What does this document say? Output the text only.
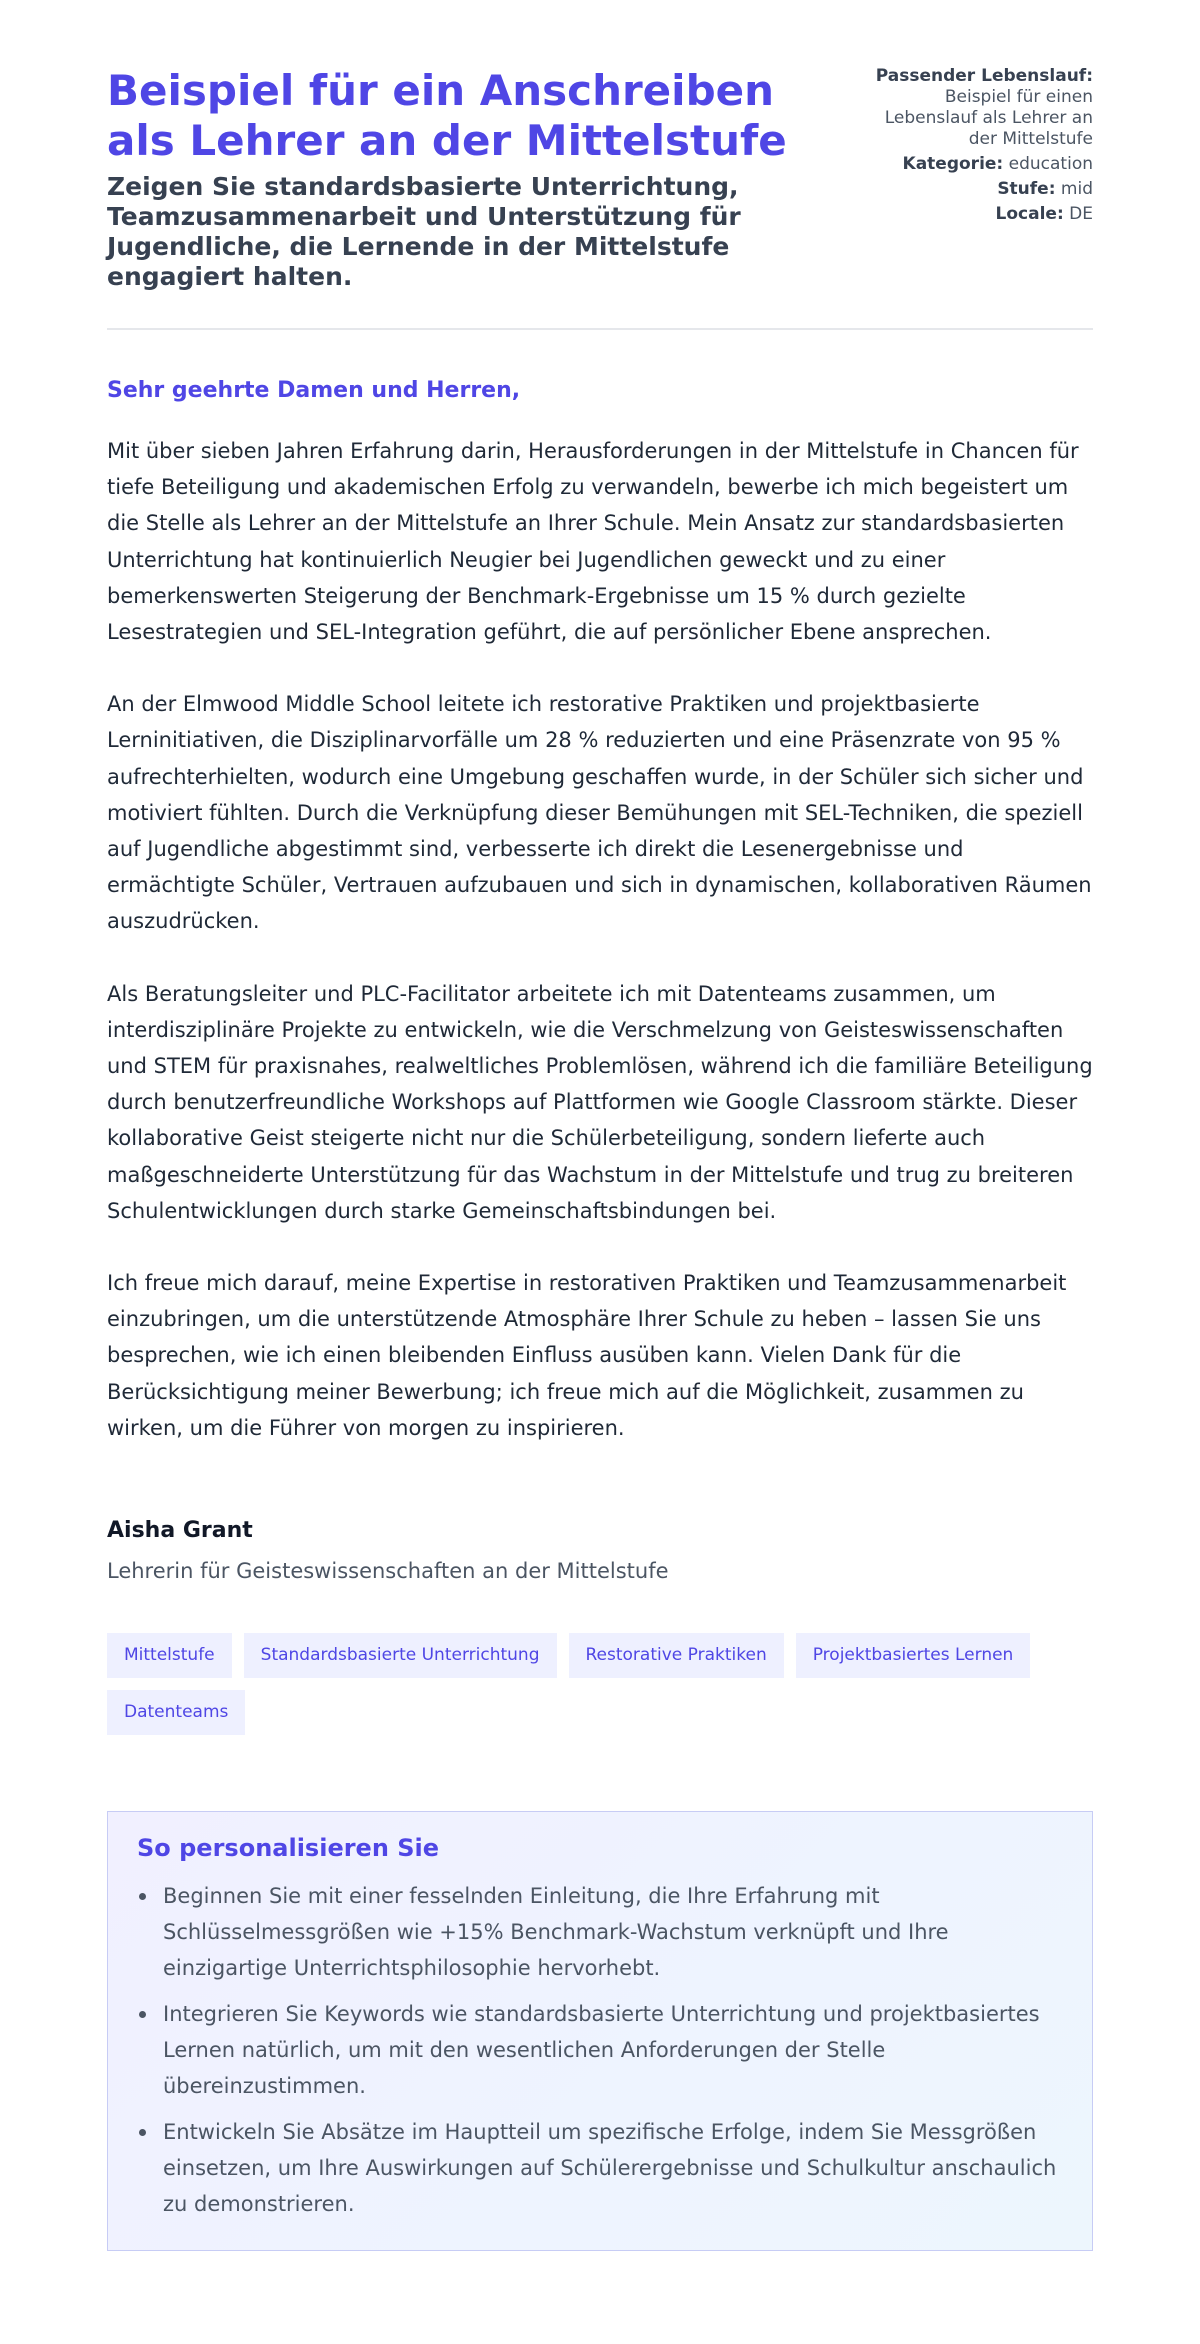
Beispiel für ein Anschreiben als Lehrer an der Mittelstufe
Zeigen Sie standardsbasierte Unterrichtung, Teamzusammenarbeit und Unterstützung für Jugendliche, die Lernende in der Mittelstufe engagiert halten.
Passender Lebenslauf:
Beispiel für einen Lebenslauf als Lehrer an der Mittelstufe
Kategorie: education
Stufe: mid
Locale: DE

Sehr geehrte Damen und Herren,

Mit über sieben Jahren Erfahrung darin, Herausforderungen in der Mittelstufe in Chancen für tiefe Beteiligung und akademischen Erfolg zu verwandeln, bewerbe ich mich begeistert um die Stelle als Lehrer an der Mittelstufe an Ihrer Schule. Mein Ansatz zur standardsbasierten Unterrichtung hat kontinuierlich Neugier bei Jugendlichen geweckt und zu einer bemerkenswerten Steigerung der Benchmark-Ergebnisse um 15 % durch gezielte Lesestrategien und SEL-Integration geführt, die auf persönlicher Ebene ansprechen.

An der Elmwood Middle School leitete ich restorative Praktiken und projektbasierte Lerninitiativen, die Disziplinarvorfälle um 28 % reduzierten und eine Präsenzrate von 95 % aufrechterhielten, wodurch eine Umgebung geschaffen wurde, in der Schüler sich sicher und motiviert fühlten. Durch die Verknüpfung dieser Bemühungen mit SEL-Techniken, die speziell auf Jugendliche abgestimmt sind, verbesserte ich direkt die Lesenergebnisse und ermächtigte Schüler, Vertrauen aufzubauen und sich in dynamischen, kollaborativen Räumen auszudrücken.

Als Beratungsleiter und PLC-Facilitator arbeitete ich mit Datenteams zusammen, um interdisziplinäre Projekte zu entwickeln, wie die Verschmelzung von Geisteswissenschaften und STEM für praxisnahes, realweltliches Problemlösen, während ich die familiäre Beteiligung durch benutzerfreundliche Workshops auf Plattformen wie Google Classroom stärkte. Dieser kollaborative Geist steigerte nicht nur die Schülerbeteiligung, sondern lieferte auch maßgeschneiderte Unterstützung für das Wachstum in der Mittelstufe und trug zu breiteren Schulentwicklungen durch starke Gemeinschaftsbindungen bei.

Ich freue mich darauf, meine Expertise in restorativen Praktiken und Teamzusammenarbeit einzubringen, um die unterstützende Atmosphäre Ihrer Schule zu heben – lassen Sie uns besprechen, wie ich einen bleibenden Einfluss ausüben kann. Vielen Dank für die Berücksichtigung meiner Bewerbung; ich freue mich auf die Möglichkeit, zusammen zu wirken, um die Führer von morgen zu inspirieren.

Aisha Grant

Lehrerin für Geisteswissenschaften an der Mittelstufe

Mittelstufe	Standardsbasierte Unterrichtung	Restorative Praktiken	Projektbasiertes Lernen
Datenteams
So personalisieren Sie
Beginnen Sie mit einer fesselnden Einleitung, die Ihre Erfahrung mit Schlüsselmessgrößen wie +15% Benchmark-Wachstum verknüpft und Ihre einzigartige Unterrichtsphilosophie hervorhebt.
Integrieren Sie Keywords wie standardsbasierte Unterrichtung und projektbasiertes Lernen natürlich, um mit den wesentlichen Anforderungen der Stelle übereinzustimmen.
Entwickeln Sie Absätze im Hauptteil um spezifische Erfolge, indem Sie Messgrößen einsetzen, um Ihre Auswirkungen auf Schülerergebnisse und Schulkultur anschaulich zu demonstrieren.
